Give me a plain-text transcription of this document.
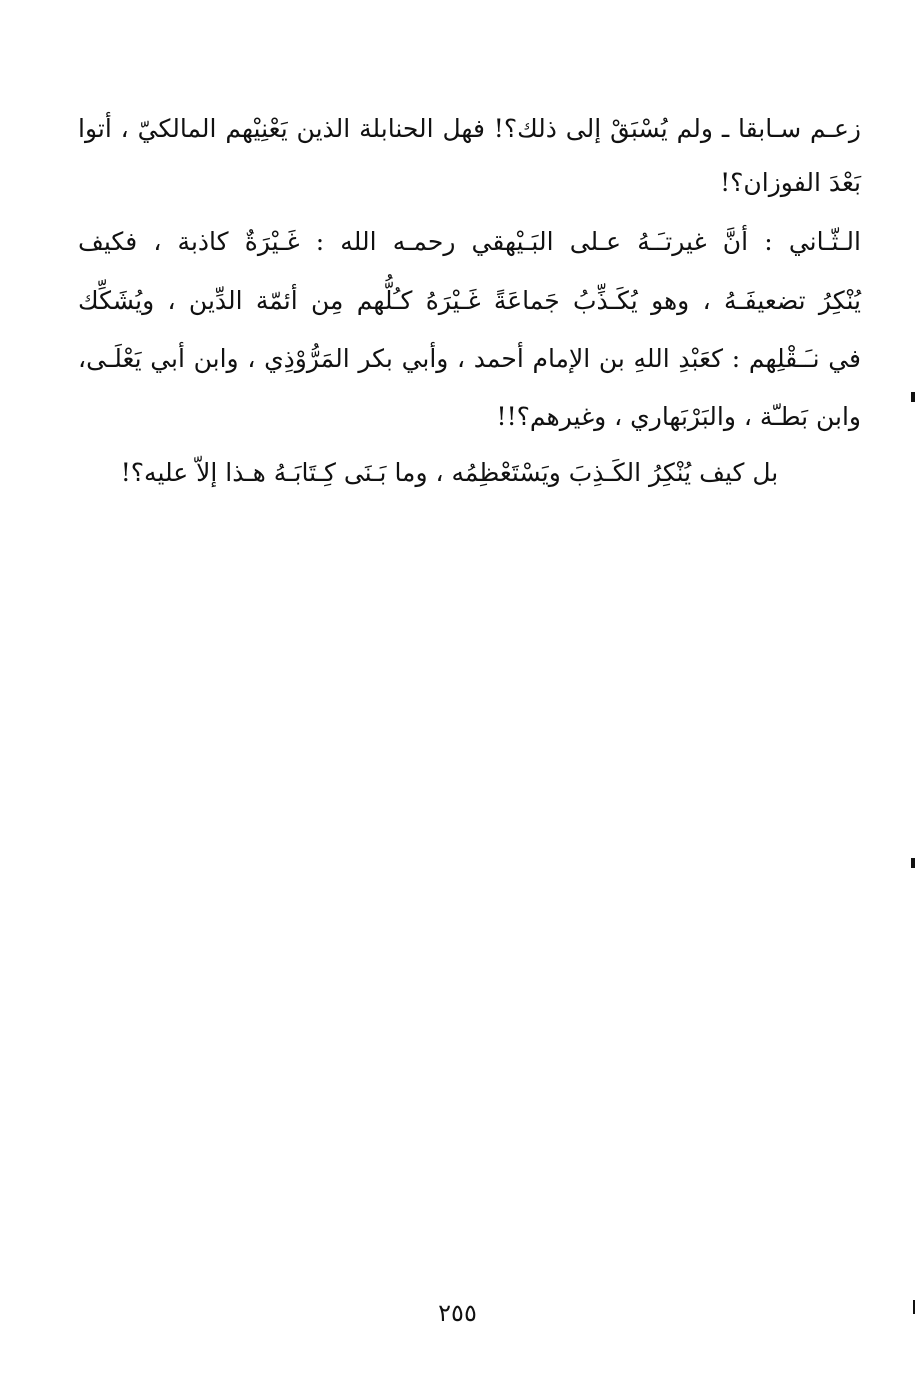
زعـم سـابقا ـ ولم يُسْبَقْ إلى ذلك؟! فهل الحنابلة الذين يَعْنِيْهم المالكيّ ، أتوا
بَعْدَ الفوزان؟!
الـثّـاني : أنَّ غيرتـَـهُ عـلى البَـيْهقي رحمـه الله : غَـيْرَةٌ كاذبة ، فكيف
يُنْكِرُ تضعيفَـهُ ، وهو يُكَـذِّبُ جَماعَةً غَـيْرَهُ كـُلُّهم مِن أئمّة الدِّين ، ويُشَكِّك
في نـَـقْلِهم : كعَبْدِ اللهِ بن الإمام أحمد ، وأبي بكر المَرُّوْذِي ، وابن أبي يَعْلَـى،
وابن بَطـّة ، والبَرْبَهاري ، وغيرهم؟!!
بل كيف يُنْكِرُ الكَـذِبَ ويَسْتَعْظِمُه ، وما بَـنَى كِـتَابَـهُ هـذا إلاّ عليه؟!
٢٥٥
